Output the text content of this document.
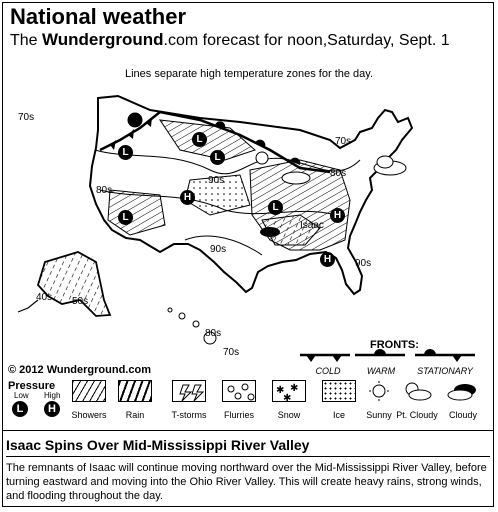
National weather
The Wunderground.com forecast for noon,Saturday, Sept. 1
Lines separate high temperature zones for the day.
70s
80s
80s
90s
90s
90s
70s
40s 50s
80s
70s
L
L
L
L
L
H
H
H
Isaac
© 2012 Wunderground.com
FRONTS:
COLD	WARM STATIONARY
Pressure
Low High
L	H
✱ ✱
✱
Showers	Rain	T-storms	Flurries	Snow	Ice	Sunny Pt. Cloudy	Cloudy
Isaac Spins Over Mid-Mississippi River Valley
The remnants of Isaac will continue moving northward over the Mid-Mississippi River Valley, before turning eastward and moving into the Ohio River Valley. This will create heavy rains, strong winds, and flooding throughout the day.
